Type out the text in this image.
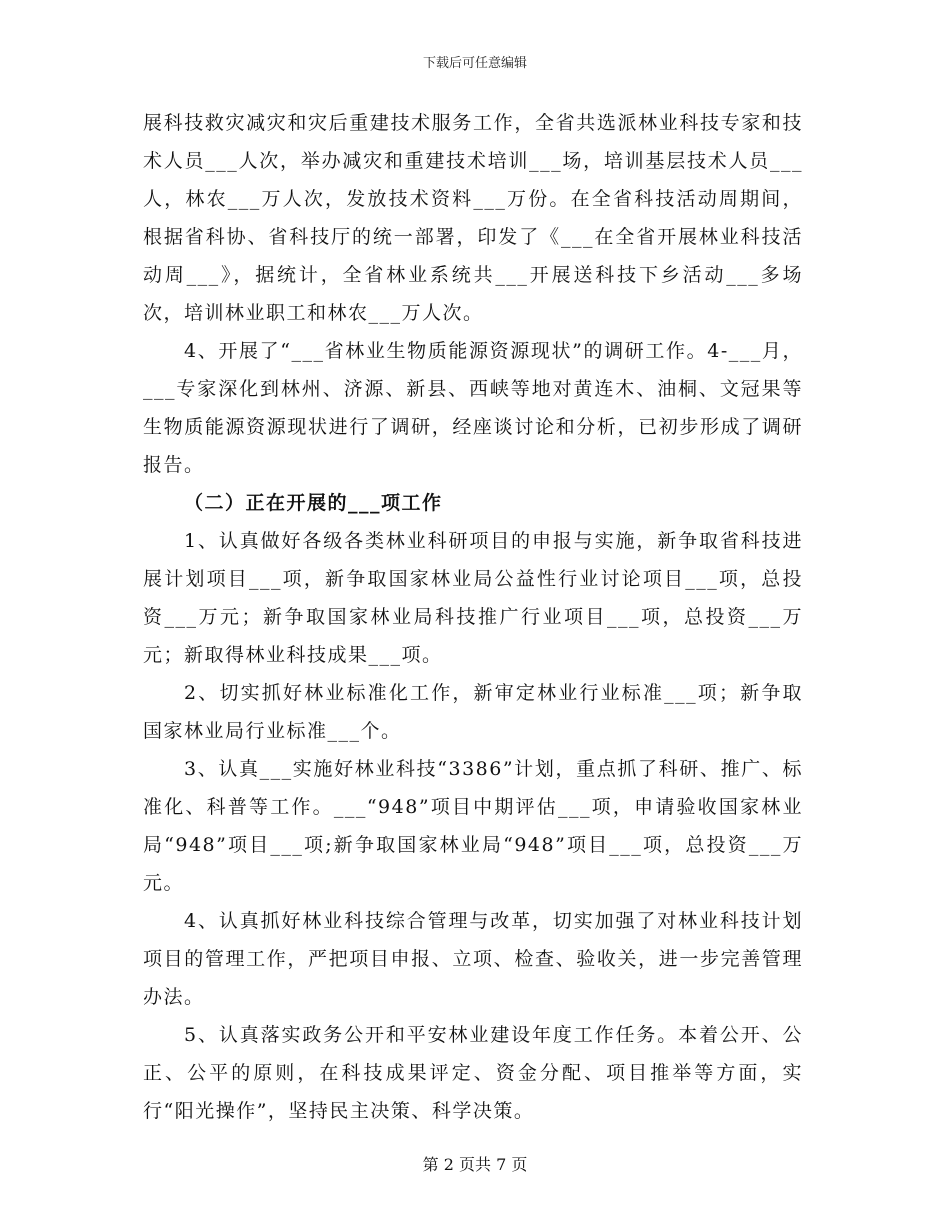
下载后可任意编辑

展科技救灾减灾和灾后重建技术服务工作，全省共选派林业科技专家和技术人员___人次，举办减灾和重建技术培训___场，培训基层技术人员___人，林农___万人次，发放技术资料___万份。在全省科技活动周期间，根据省科协、省科技厅的统一部署，印发了《___在全省开展林业科技活动周___》，据统计，全省林业系统共___开展送科技下乡活动___多场次，培训林业职工和林农___万人次。

4、开展了“___省林业生物质能源资源现状”的调研工作。4-___月，___专家深化到林州、济源、新县、西峡等地对黄连木、油桐、文冠果等生物质能源资源现状进行了调研，经座谈讨论和分析，已初步形成了调研报告。

（二）正在开展的___项工作

1、认真做好各级各类林业科研项目的申报与实施，新争取省科技进展计划项目___项，新争取国家林业局公益性行业讨论项目___项，总投资___万元；新争取国家林业局科技推广行业项目___项，总投资___万元；新取得林业科技成果___项。

2、切实抓好林业标准化工作，新审定林业行业标准___项；新争取国家林业局行业标准___个。

3、认真___实施好林业科技“3386”计划，重点抓了科研、推广、标准化、科普等工作。___“948”项目中期评估___项，申请验收国家林业局“948”项目___项;新争取国家林业局“948”项目___项，总投资___万元。

4、认真抓好林业科技综合管理与改革，切实加强了对林业科技计划项目的管理工作，严把项目申报、立项、检查、验收关，进一步完善管理办法。

5、认真落实政务公开和平安林业建设年度工作任务。本着公开、公正、公平的原则，在科技成果评定、资金分配、项目推举等方面，实行“阳光操作”，坚持民主决策、科学决策。

第 2 页共 7 页
